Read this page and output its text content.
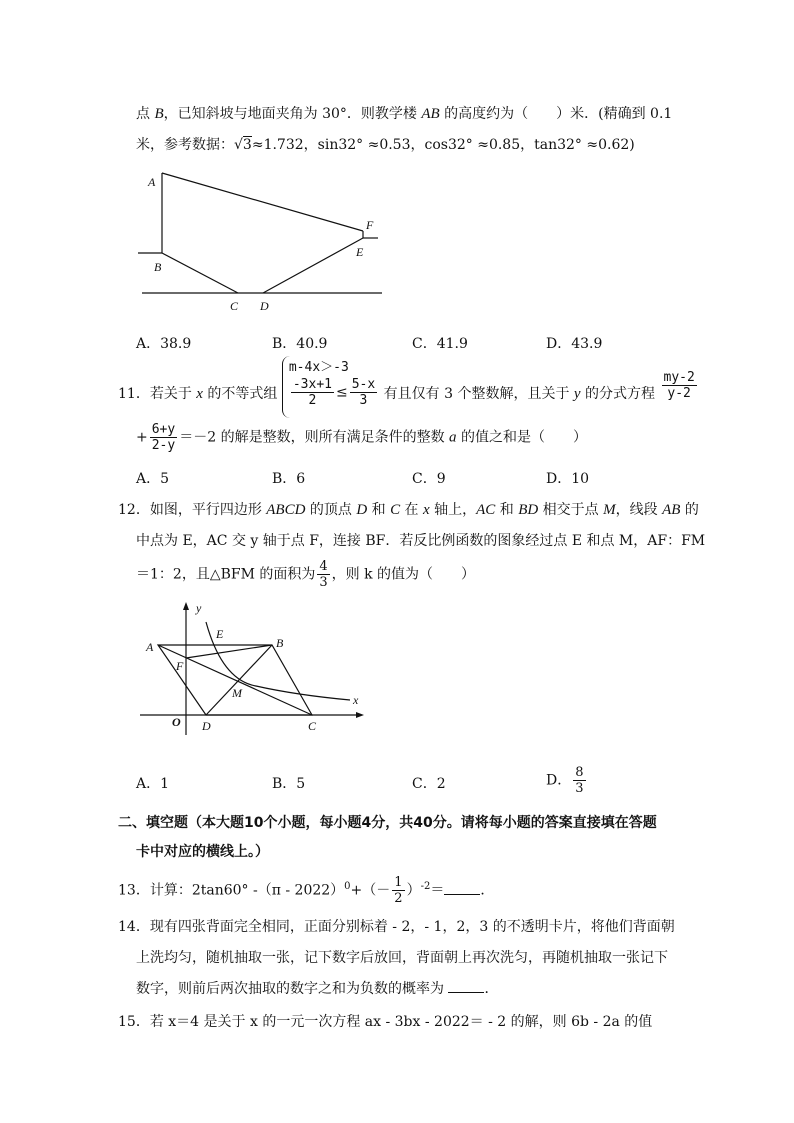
点 B，已知斜坡与地面夹角为 30°．则教学楼 AB 的高度约为（　　）米．(精确到 0.1
米，参考数据：√3≈1.732，sin32° ≈0.53，cos32° ≈0.85，tan32° ≈0.62)
A
B
C D
E
F
A．38.9	B．40.9	C．41.9	D．43.9
11．若关于 x 的不等式组
m-4x＞-3
$\frac{-3x+1}{2} \le \frac{5-x}{3}$ 有且仅有 3 个整数解，且关于 y 的分式方程 $\frac{my-2}{y-2}$
+ $\frac{6+y}{2-y} =-2$ 的解是整数，则所有满足条件的整数 a 的值之和是（　　）
A．5	B．6	C．9	D．10
12．如图，平行四边形 ABCD 的顶点 D 和 C 在 x 轴上，AC 和 BD 相交于点 M，线段 AB 的
中点为 E，AC 交 y 轴于点 F，连接 BF．若反比例函数的图象经过点 E 和点 M，AF：FM
＝1：2，且△BFM 的面积为 $\frac{4}{3}$ ，则 k 的值为（　　）
y
A
E
B
F
M	x
O D	C
A．1	B．5	C．2	D． $\frac{8}{3}$
二、填空题（本大题10个小题，每小题4分，共40分。请将每小题的答案直接填在答题
卡中对应的横线上。）
13．计算：2tan60° $-(\pi - 2022)^0+(- \frac{1}{2} )^{-2}=$	．
14．现有四张背面完全相同，正面分别标着 - 2，- 1，2，3 的不透明卡片，将他们背面朝
上洗均匀，随机抽取一张，记下数字后放回，背面朝上再次洗匀，再随机抽取一张记下
数字，则前后两次抽取的数字之和为负数的概率为	．
15．若 x＝4 是关于 x 的一元一次方程 ax - 3bx - 2022＝ - 2 的解，则 6b - 2a 的值
